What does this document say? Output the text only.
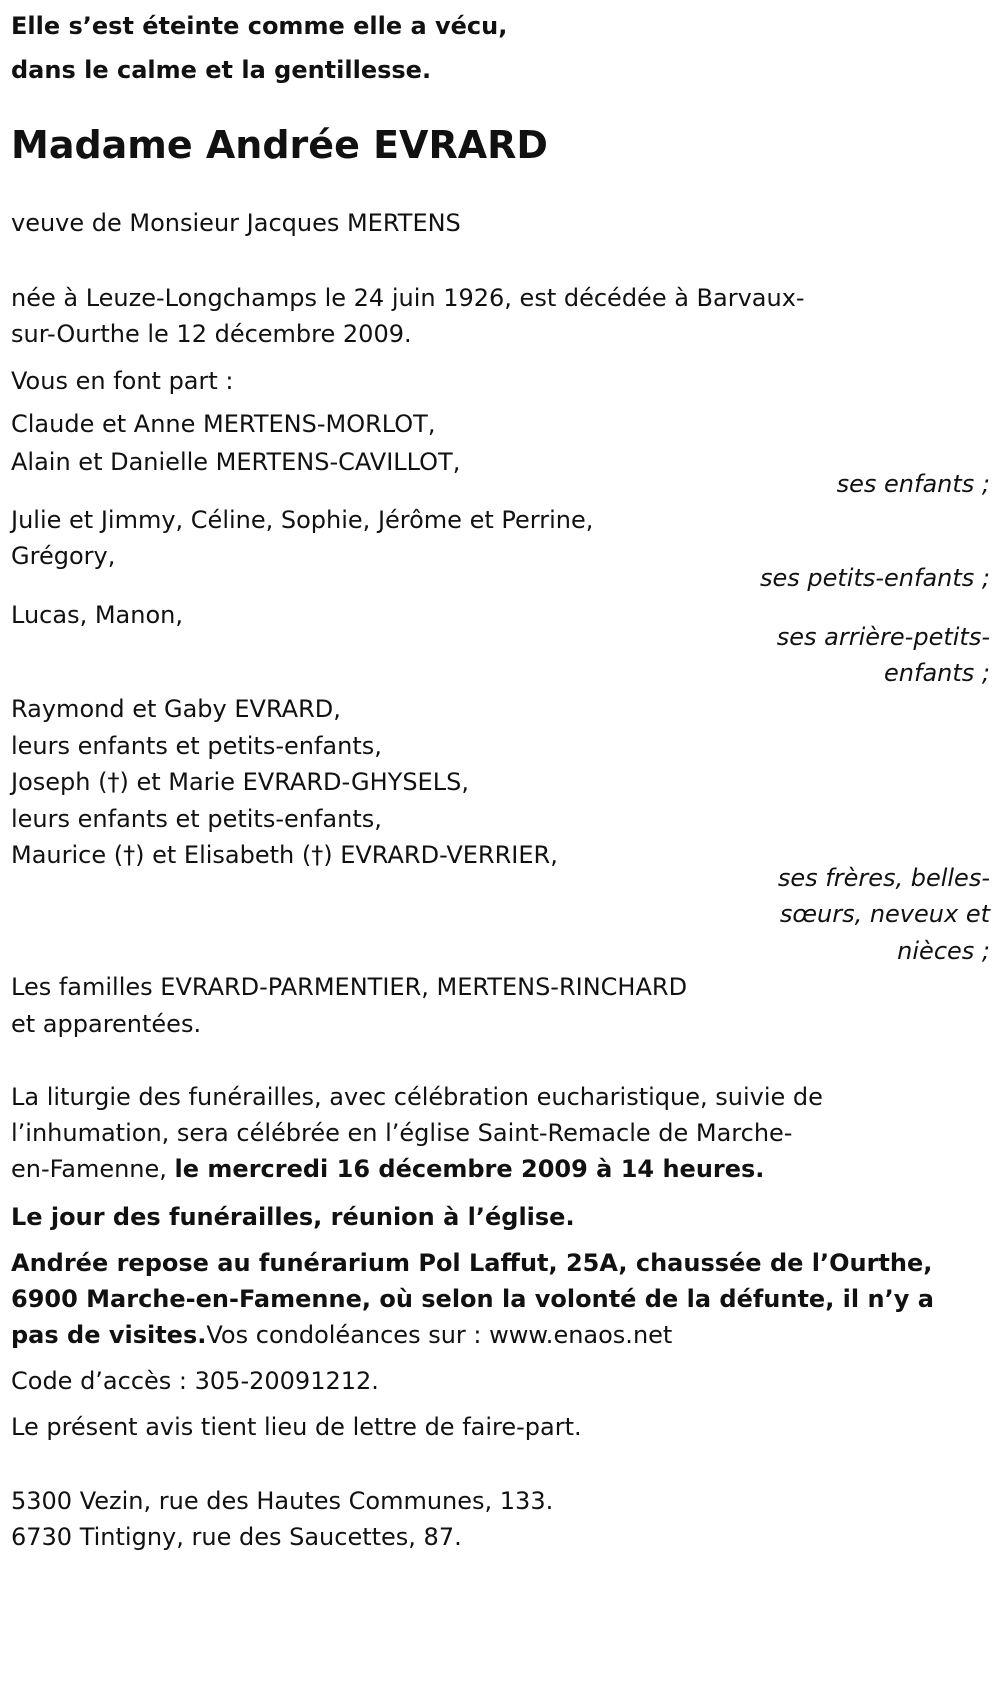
Elle s’est éteinte comme elle a vécu,
dans le calme et la gentillesse.
Madame Andrée EVRARD
veuve de Monsieur Jacques MERTENS
née à Leuze-Longchamps le 24 juin 1926, est décédée à Barvaux-
sur-Ourthe le 12 décembre 2009.
Vous en font part :
Claude et Anne MERTENS-MORLOT,
Alain et Danielle MERTENS-CAVILLOT,
ses enfants ;
Julie et Jimmy, Céline, Sophie, Jérôme et Perrine,
Grégory,
ses petits-enfants ;
Lucas, Manon,
ses arrière-petits-
enfants ;
Raymond et Gaby EVRARD,
leurs enfants et petits-enfants,
Joseph (†) et Marie EVRARD-GHYSELS,
leurs enfants et petits-enfants,
Maurice (†) et Elisabeth (†) EVRARD-VERRIER,
ses frères, belles-
sœurs, neveux et
nièces ;
Les familles EVRARD-PARMENTIER, MERTENS-RINCHARD
et apparentées.
La liturgie des funérailles, avec célébration eucharistique, suivie de
l’inhumation, sera célébrée en l’église Saint-Remacle de Marche-
en-Famenne, le mercredi 16 décembre 2009 à 14 heures.
Le jour des funérailles, réunion à l’église.
Andrée repose au funérarium Pol Laffut, 25A, chaussée de l’Ourthe,
6900 Marche-en-Famenne, où selon la volonté de la défunte, il n’y a
pas de visites.Vos condoléances sur : www.enaos.net
Code d’accès : 305-20091212.
Le présent avis tient lieu de lettre de faire-part.
5300 Vezin, rue des Hautes Communes, 133.
6730 Tintigny, rue des Saucettes, 87.
